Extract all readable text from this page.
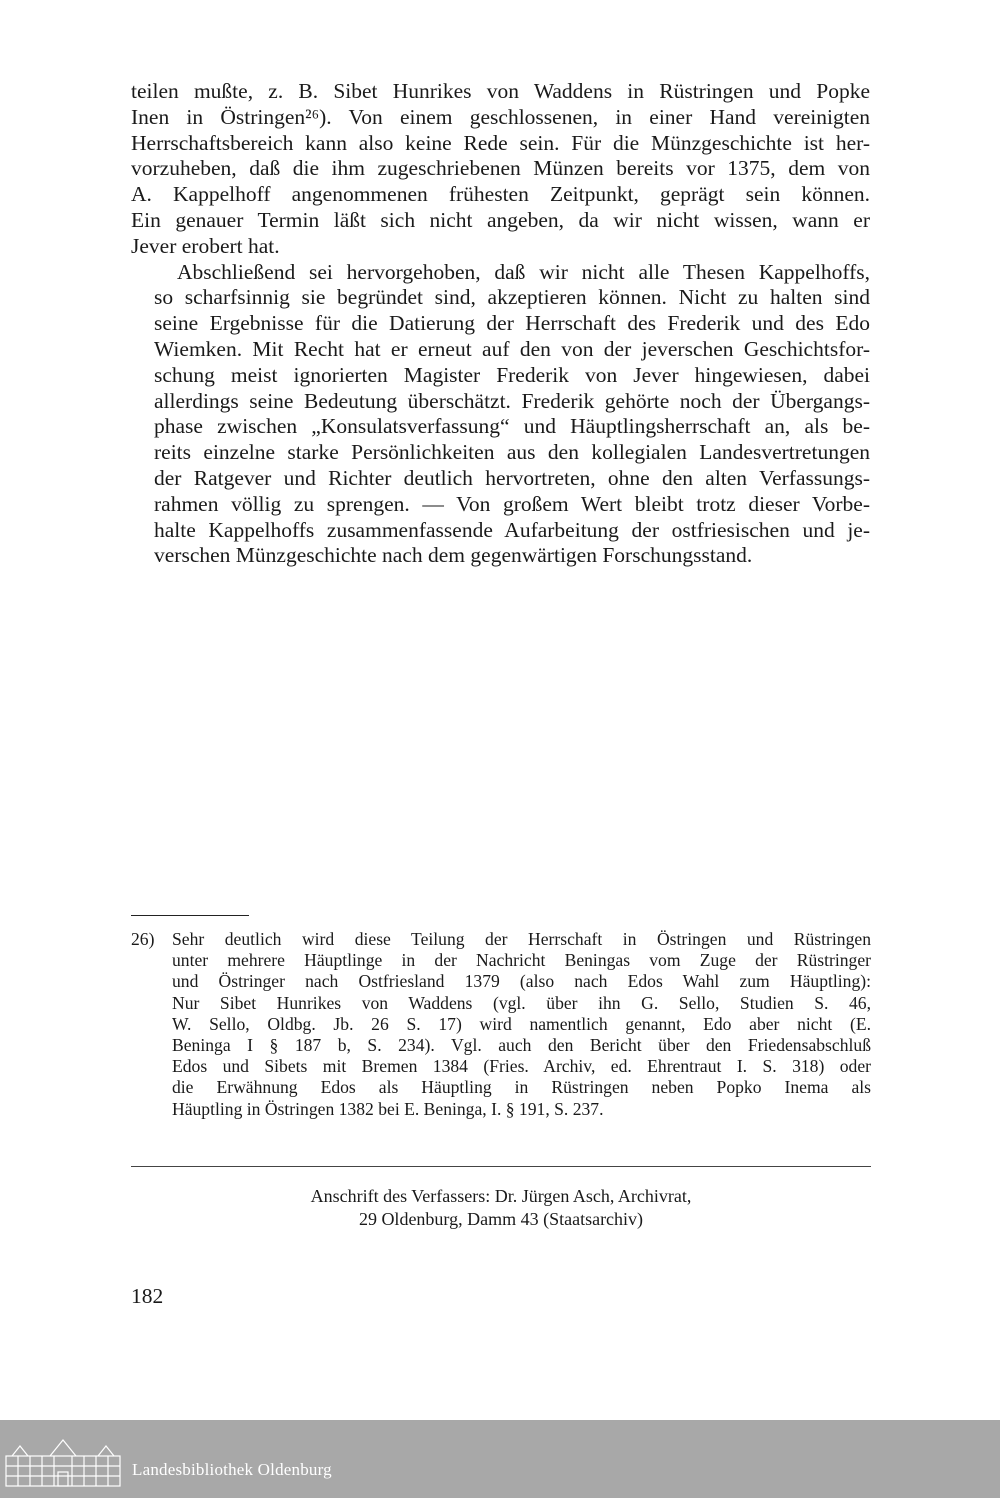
teilen mußte, z. B. Sibet Hunrikes von Waddens in Rüstringen und Popke
Inen in Östringen²⁶). Von einem geschlossenen, in einer Hand vereinigten
Herrschaftsbereich kann also keine Rede sein. Für die Münzgeschichte ist her-
vorzuheben, daß die ihm zugeschriebenen Münzen bereits vor 1375, dem von
A. Kappelhoff angenommenen frühesten Zeitpunkt, geprägt sein können.
Ein genauer Termin läßt sich nicht angeben, da wir nicht wissen, wann er
Jever erobert hat.

Abschließend sei hervorgehoben, daß wir nicht alle Thesen Kappelhoffs,
so scharfsinnig sie begründet sind, akzeptieren können. Nicht zu halten sind
seine Ergebnisse für die Datierung der Herrschaft des Frederik und des Edo
Wiemken. Mit Recht hat er erneut auf den von der jeverschen Geschichtsfor-
schung meist ignorierten Magister Frederik von Jever hingewiesen, dabei
allerdings seine Bedeutung überschätzt. Frederik gehörte noch der Übergangs-
phase zwischen „Konsulatsverfassung“ und Häuptlingsherrschaft an, als be-
reits einzelne starke Persönlichkeiten aus den kollegialen Landesvertretungen
der Ratgever und Richter deutlich hervortreten, ohne den alten Verfassungs-
rahmen völlig zu sprengen. — Von großem Wert bleibt trotz dieser Vorbe-
halte Kappelhoffs zusammenfassende Aufarbeitung der ostfriesischen und je-
verschen Münzgeschichte nach dem gegenwärtigen Forschungsstand.

26) Sehr deutlich wird diese Teilung der Herrschaft in Östringen und Rüstringen
unter mehrere Häuptlinge in der Nachricht Beningas vom Zuge der Rüstringer
und Östringer nach Ostfriesland 1379 (also nach Edos Wahl zum Häuptling):
Nur Sibet Hunrikes von Waddens (vgl. über ihn G. Sello, Studien S. 46,
W. Sello, Oldbg. Jb. 26 S. 17) wird namentlich genannt, Edo aber nicht (E.
Beninga I § 187 b, S. 234). Vgl. auch den Bericht über den Friedensabschluß
Edos und Sibets mit Bremen 1384 (Fries. Archiv, ed. Ehrentraut I. S. 318) oder
die Erwähnung Edos als Häuptling in Rüstringen neben Popko Inema als
Häuptling in Östringen 1382 bei E. Beninga, I. § 191, S. 237.
Anschrift des Verfassers: Dr. Jürgen Asch, Archivrat,
29 Oldenburg, Damm 43 (Staatsarchiv)
182
Landesbibliothek Oldenburg
